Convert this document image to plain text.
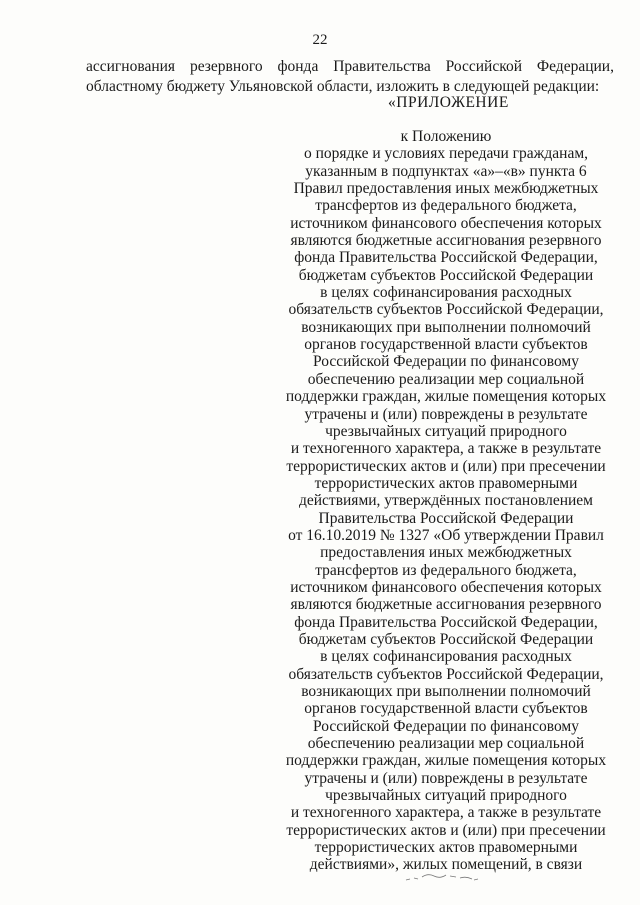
22
ассигнования резервного фонда Правительства Российской Федерации,
областному бюджету Ульяновской области, изложить в следующей редакции:
«ПРИЛОЖЕНИЕ
к Положению
о порядке и условиях передачи гражданам,
указанным в подпунктах «а»–«в» пункта 6
Правил предоставления иных межбюджетных
трансфертов из федерального бюджета,
источником финансового обеспечения которых
являются бюджетные ассигнования резервного
фонда Правительства Российской Федерации,
бюджетам субъектов Российской Федерации
в целях софинансирования расходных
обязательств субъектов Российской Федерации,
возникающих при выполнении полномочий
органов государственной власти субъектов
Российской Федерации по финансовому
обеспечению реализации мер социальной
поддержки граждан, жилые помещения которых
утрачены и (или) повреждены в результате
чрезвычайных ситуаций природного
и техногенного характера, а также в результате
террористических актов и (или) при пресечении
террористических актов правомерными
действиями, утверждённых постановлением
Правительства Российской Федерации
от 16.10.2019 № 1327 «Об утверждении Правил
предоставления иных межбюджетных
трансфертов из федерального бюджета,
источником финансового обеспечения которых
являются бюджетные ассигнования резервного
фонда Правительства Российской Федерации,
бюджетам субъектов Российской Федерации
в целях софинансирования расходных
обязательств субъектов Российской Федерации,
возникающих при выполнении полномочий
органов государственной власти субъектов
Российской Федерации по финансовому
обеспечению реализации мер социальной
поддержки граждан, жилые помещения которых
утрачены и (или) повреждены в результате
чрезвычайных ситуаций природного
и техногенного характера, а также в результате
террористических актов и (или) при пресечении
террористических актов правомерными
действиями», жилых помещений, в связи
